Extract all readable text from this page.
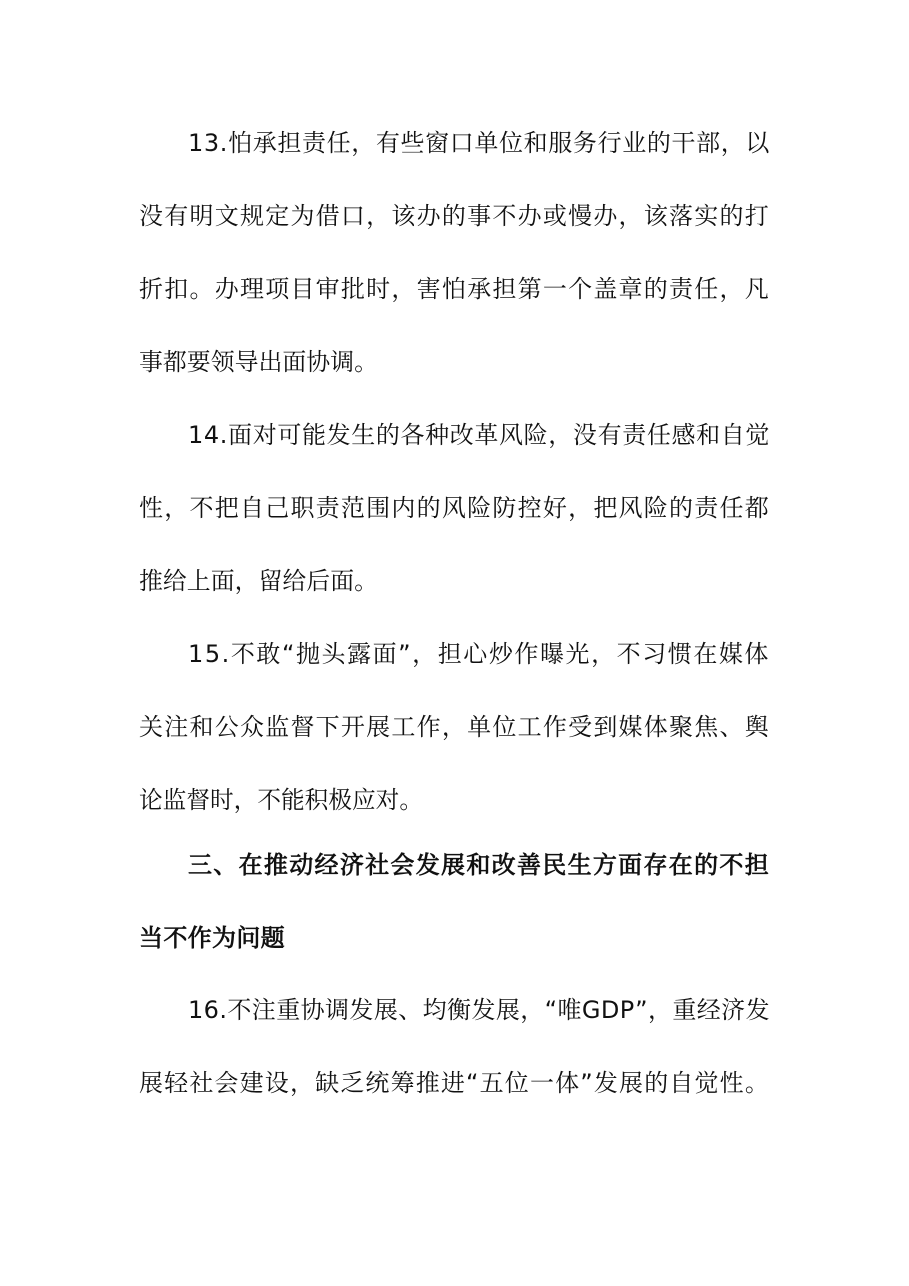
13.怕承担责任，有些窗口单位和服务行业的干部，以
没有明文规定为借口，该办的事不办或慢办，该落实的打
折扣。办理项目审批时，害怕承担第一个盖章的责任，凡
事都要领导出面协调。
14.面对可能发生的各种改革风险，没有责任感和自觉
性，不把自己职责范围内的风险防控好，把风险的责任都
推给上面，留给后面。
15.不敢“抛头露面”，担心炒作曝光，不习惯在媒体
关注和公众监督下开展工作，单位工作受到媒体聚焦、舆
论监督时，不能积极应对。
三、在推动经济社会发展和改善民生方面存在的不担
当不作为问题
16.不注重协调发展、均衡发展，“唯GDP”，重经济发
展轻社会建设，缺乏统筹推进“五位一体”发展的自觉性。
